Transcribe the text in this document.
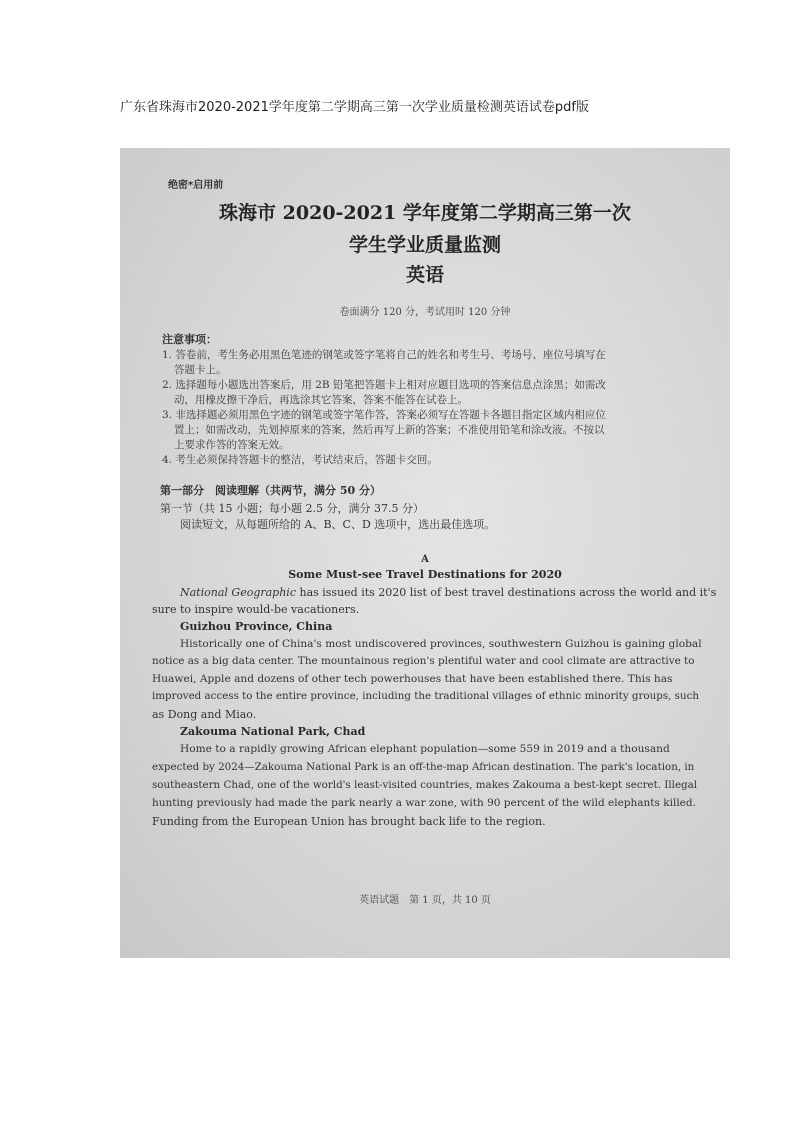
广东省珠海市2020-2021学年度第二学期高三第一次学业质量检测英语试卷pdf版
绝密*启用前
珠海市 2020-2021 学年度第二学期高三第一次
学生学业质量监测
英语
卷面满分 120 分，考试用时 120 分钟
注意事项：
1. 答卷前，考生务必用黑色笔迹的钢笔或签字笔将自己的姓名和考生号、考场号、座位号填写在
答题卡上。
2. 选择题每小题选出答案后，用 2B 铅笔把答题卡上相对应题目选项的答案信息点涂黑；如需改
动，用橡皮擦干净后，再选涂其它答案，答案不能答在试卷上。
3. 非选择题必须用黑色字迹的钢笔或签字笔作答，答案必须写在答题卡各题目指定区域内相应位
置上；如需改动，先划掉原来的答案，然后再写上新的答案；不准使用铅笔和涂改液。不按以
上要求作答的答案无效。
4. 考生必须保持答题卡的整洁，考试结束后，答题卡交回。
第一部分　阅读理解（共两节，满分 50 分）
第一节（共 15 小题；每小题 2.5 分，满分 37.5 分）
阅读短文，从每题所给的 A、B、C、D 选项中，选出最佳选项。
A
Some Must-see Travel Destinations for 2020
National Geographic has issued its 2020 list of best travel destinations across the world and it's
sure to inspire would-be vacationers.
Guizhou Province, China
Historically one of China's most undiscovered provinces, southwestern Guizhou is gaining global
notice as a big data center. The mountainous region's plentiful water and cool climate are attractive to
Huawei, Apple and dozens of other tech powerhouses that have been established there. This has
improved access to the entire province, including the traditional villages of ethnic minority groups, such
as Dong and Miao.
Zakouma National Park, Chad
Home to a rapidly growing African elephant population—some 559 in 2019 and a thousand
expected by 2024—Zakouma National Park is an off-the-map African destination. The park's location, in
southeastern Chad, one of the world's least-visited countries, makes Zakouma a best-kept secret. Illegal
hunting previously had made the park nearly a war zone, with 90 percent of the wild elephants killed.
Funding from the European Union has brought back life to the region.
英语试题　第 1 页，共 10 页
